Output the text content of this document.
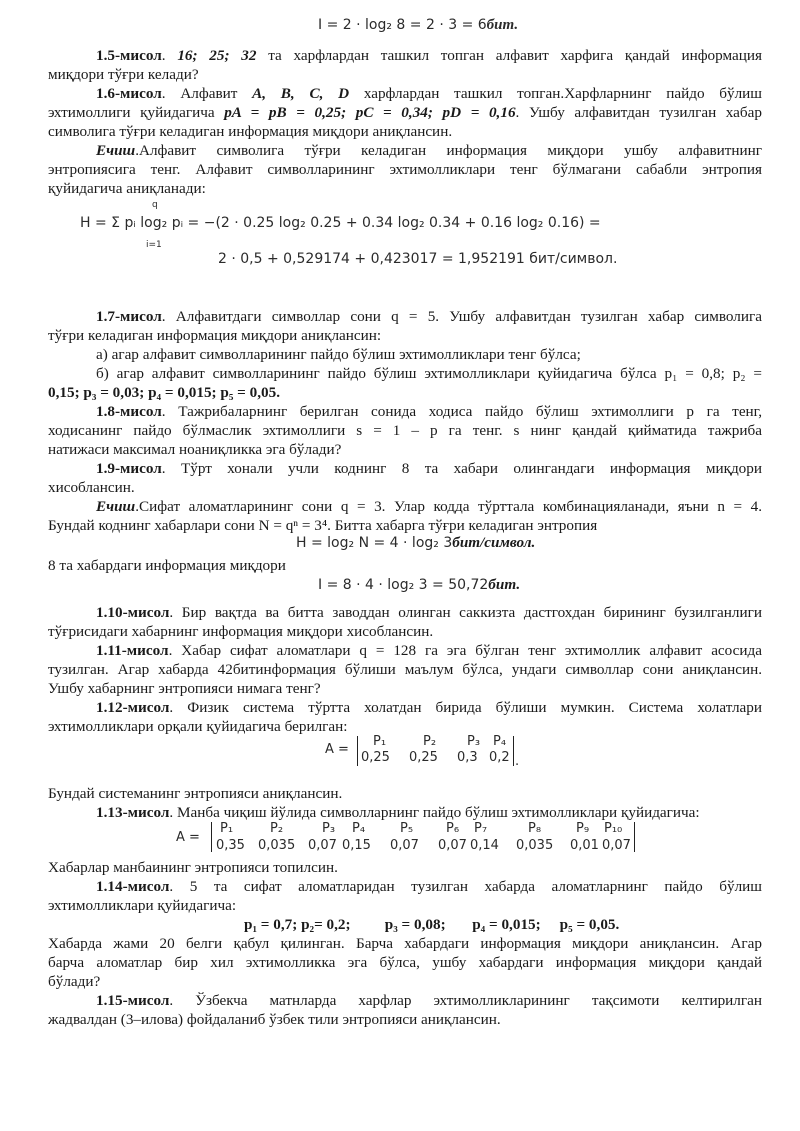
I = 2 · log₂ 8 = 2 · 3 = 6бит.
1.5-мисол. 16; 25; 32 та харфлардан ташкил топган алфавит харфига қандай информация
миқдори тўғри келади?
1.6-мисол. Алфавит A, B, C, D харфлардан ташкил топган.Харфларнинг пайдо бўлиш
эхтимоллиги қуйидагича pA = pB = 0,25; pC = 0,34; pD = 0,16. Ушбу алфавитдан тузилган хабар
символига тўғри келадиган информация миқдори аниқлансин.
Ечиш.Алфавит символига тўғри келадиган информация миқдори ушбу алфавитнинг
энтропиясига тенг. Алфавит символларининг эхтимолликлари тенг бўлмагани сабабли энтропия
қуйидагича аниқланади:
q
H = Σ pᵢ log₂ pᵢ = −(2 · 0.25 log₂ 0.25 + 0.34 log₂ 0.34 + 0.16 log₂ 0.16) =
i=1
2 · 0,5 + 0,529174 + 0,423017 = 1,952191 бит/символ.
1.7-мисол. Алфавитдаги символлар сони q = 5. Ушбу алфавитдан тузилган хабар символига
тўғри келадиган информация миқдори аниқлансин:
а) агар алфавит символларининг пайдо бўлиш эхтимолликлари тенг бўлса;
б) агар алфавит символларининг пайдо бўлиш эхтимолликлари қуйидагича бўлса p₁ = 0,8; p₂ =
0,15; p₃ = 0,03; p₄ = 0,015; p₅ = 0,05.
1.8-мисол. Тажрибаларнинг берилган сонида ходиса пайдо бўлиш эхтимоллиги p га тенг,
ходисанинг пайдо бўлмаслик эхтимоллиги s = 1 – p га тенг. s нинг қандай қийматида тажриба
натижаси максимал ноаниқликка эга бўлади?
1.9-мисол. Тўрт хонали учли коднинг 8 та хабари олингандаги информация миқдори
хисоблансин.
Ечиш.Сифат аломатларининг сони q = 3. Улар кодда тўрттала комбинацияланади, яъни n = 4.
Бундай коднинг хабарлари сони N = qⁿ = 3⁴. Битта хабарга тўғри келадиган энтропия
H = log₂ N = 4 · log₂ 3бит/символ.
8 та хабардаги информация миқдори
I = 8 · 4 · log₂ 3 = 50,72бит.
1.10-мисол. Бир вақтда ва битта заводдан олинган саккизта дастгохдан бирининг бузилганлиги
тўғрисидаги хабарнинг информация миқдори хисоблансин.
1.11-мисол. Хабар сифат аломатлари q = 128 га эга бўлган тенг эхтимоллик алфавит асосида
тузилган. Агар хабарда 42битинформация бўлиши маълум бўлса, ундаги символлар сони аниқлансин.
Ушбу хабарнинг энтропияси нимага тенг?
1.12-мисол. Физик система тўртта холатдан бирида бўлиши мумкин. Система холатлари
эхтимолликлари орқали қуйидагича берилган:
A =
P₁	P₂ P₃ P₄
0,25 0,25 0,3 0,2 .
Бундай системанинг энтропияси аниқлансин.
1.13-мисол. Манба чиқиш йўлида символларнинг пайдо бўлиш эхтимолликлари қуйидагича:
A =
P₁	P₂	P₃ P₄	P₅	P₆ P₇	P₈	P₉ P₁₀
0,35 0,035 0,07 0,15 0,07 0,07 0,14 0,035 0,01 0,07
Хабарлар манбаининг энтропияси топилсин.
1.14-мисол. 5 та сифат аломатларидан тузилган хабарда аломатларнинг пайдо бўлиш
эхтимолликлари қуйидагича:
p₁ = 0,7; p₂= 0,2;         p₃ = 0,08;       p₄ = 0,015;     p₅ = 0,05.
Хабарда жами 20 белги қабул қилинган. Барча хабардаги информация миқдори аниқлансин. Агар
барча аломатлар бир хил эхтимолликка эга бўлса, ушбу хабардаги информация миқдори қандай
бўлади?
1.15-мисол. Ўзбекча матнларда харфлар эхтимолликларининг тақсимоти келтирилган
жадвалдан (3–илова) фойдаланиб ўзбек тили энтропияси аниқлансин.
